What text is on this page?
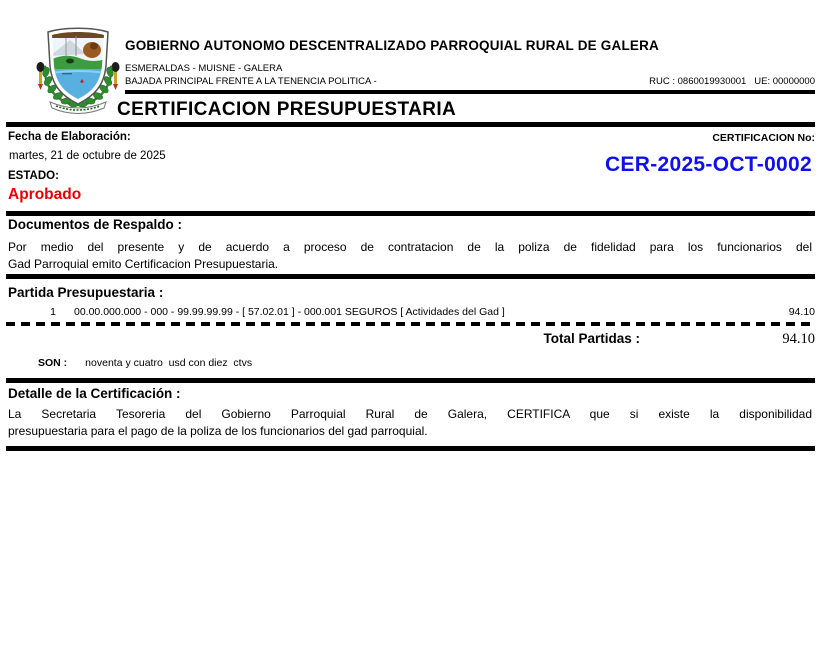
GOBIERNO AUTONOMO DESCENTRALIZADO PARROQUIAL RURAL DE GALERA
ESMERALDAS - MUISNE - GALERA
BAJADA PRINCIPAL FRENTE A LA TENENCIA POLITICA -	RUC : 0860019930001   UE: 00000000
CERTIFICACION PRESUPUESTARIA
Fecha de Elaboración:
martes, 21 de octubre de 2025
ESTADO:
Aprobado
CERTIFICACION No:
CER-2025-OCT-0002
Documentos de Respaldo :
Por medio del presente y de acuerdo a proceso de contratacion de la poliza de fidelidad para los funcionarios del
Gad Parroquial emito Certificacion Presupuestaria.
Partida Presupuestaria :
1	00.00.000.000 - 000 - 99.99.99.99 - [ 57.02.01 ] - 000.001 SEGUROS [ Actividades del Gad ]	94.10
Total Partidas :	94.10
SON : noventa y cuatro  usd con diez  ctvs
Detalle de la Certificación :
La Secretaria Tesoreria del Gobierno Parroquial Rural de Galera, CERTIFICA que si existe la disponibilidad
presupuestaria para el pago de la poliza de los funcionarios del gad parroquial.
